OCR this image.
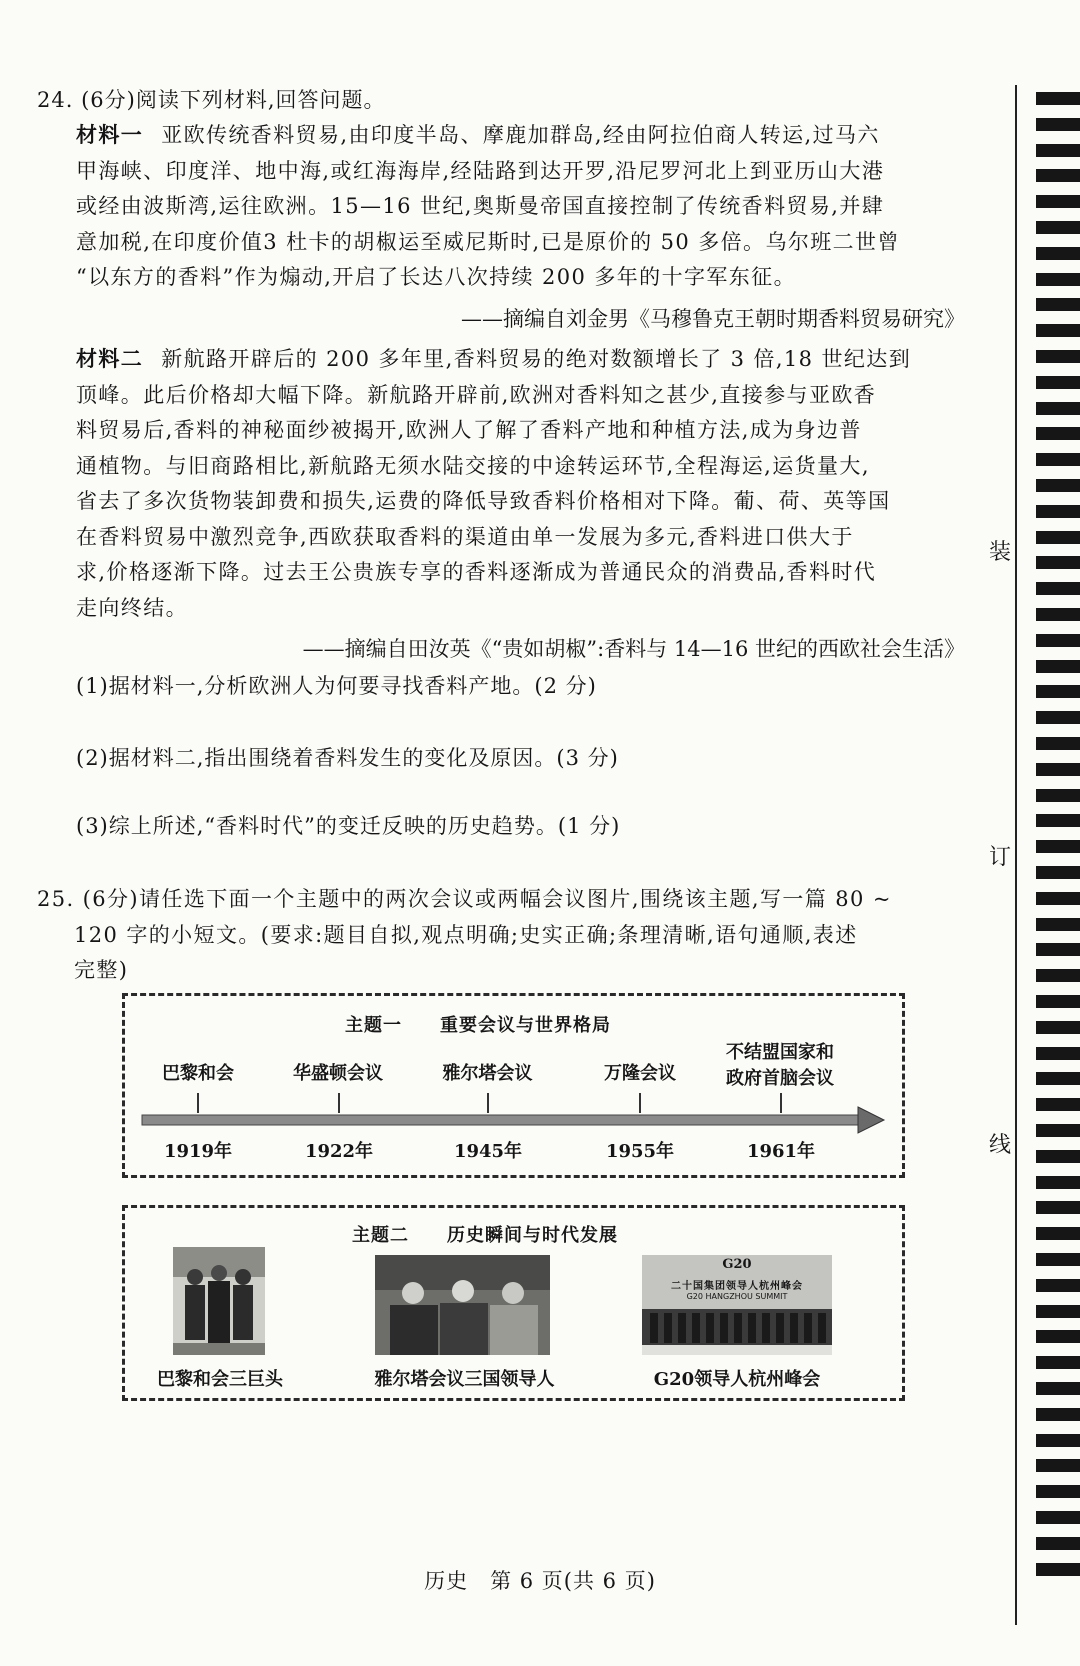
装
订
线
24. (6分)阅读下列材料,回答问题。
材料一 亚欧传统香料贸易,由印度半岛、摩鹿加群岛,经由阿拉伯商人转运,过马六
甲海峡、印度洋、地中海,或红海海岸,经陆路到达开罗,沿尼罗河北上到亚历山大港
或经由波斯湾,运往欧洲。15—16 世纪,奥斯曼帝国直接控制了传统香料贸易,并肆
意加税,在印度价值3 杜卡的胡椒运至威尼斯时,已是原价的 50 多倍。乌尔班二世曾
“以东方的香料”作为煽动,开启了长达八次持续 200 多年的十字军东征。
——摘编自刘金男《马穆鲁克王朝时期香料贸易研究》
材料二 新航路开辟后的 200 多年里,香料贸易的绝对数额增长了 3 倍,18 世纪达到
顶峰。此后价格却大幅下降。新航路开辟前,欧洲对香料知之甚少,直接参与亚欧香
料贸易后,香料的神秘面纱被揭开,欧洲人了解了香料产地和种植方法,成为身边普
通植物。与旧商路相比,新航路无须水陆交接的中途转运环节,全程海运,运货量大,
省去了多次货物装卸费和损失,运费的降低导致香料价格相对下降。葡、荷、英等国
在香料贸易中激烈竞争,西欧获取香料的渠道由单一发展为多元,香料进口供大于
求,价格逐渐下降。过去王公贵族专享的香料逐渐成为普通民众的消费品,香料时代
走向终结。
——摘编自田汝英《“贵如胡椒”:香料与 14—16 世纪的西欧社会生活》
(1)据材料一,分析欧洲人为何要寻找香料产地。(2 分)
(2)据材料二,指出围绕着香料发生的变化及原因。(3 分)
(3)综上所述,“香料时代”的变迁反映的历史趋势。(1 分)
25. (6分)请任选下面一个主题中的两次会议或两幅会议图片,围绕该主题,写一篇 80 ~
120 字的小短文。(要求:题目自拟,观点明确;史实正确;条理清晰,语句通顺,表述
完整)
主题一　　重要会议与世界格局
巴黎和会
1919年
华盛顿会议
1922年
雅尔塔会议
1945年
万隆会议
1955年
不结盟国家和
政府首脑会议
1961年
主题二　　历史瞬间与时代发展
巴黎和会三巨头	雅尔塔会议三国领导人
G20
二十国集团领导人杭州峰会
G20 HANGZHOU SUMMIT
G20领导人杭州峰会
历史　第 6 页(共 6 页)
